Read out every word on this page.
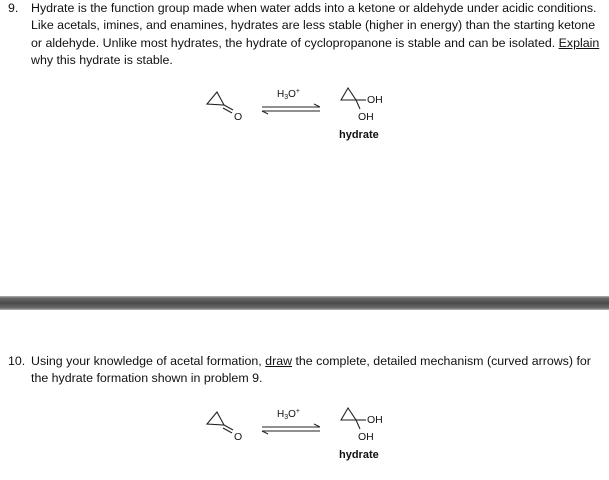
9. Hydrate is the function group made when water adds into a ketone or aldehyde under acidic conditions.
Like acetals, imines, and enamines, hydrates are less stable (higher in energy) than the starting ketone
or aldehyde. Unlike most hydrates, the hydrate of cyclopropanone is stable and can be isolated. Explain
why this hydrate is stable.
O
$H_3O^+$
OH
OH
hydrate
10. Using your knowledge of acetal formation, draw the complete, detailed mechanism (curved arrows) for
the hydrate formation shown in problem 9.
O
$H_3O^+$
OH
OH
hydrate
